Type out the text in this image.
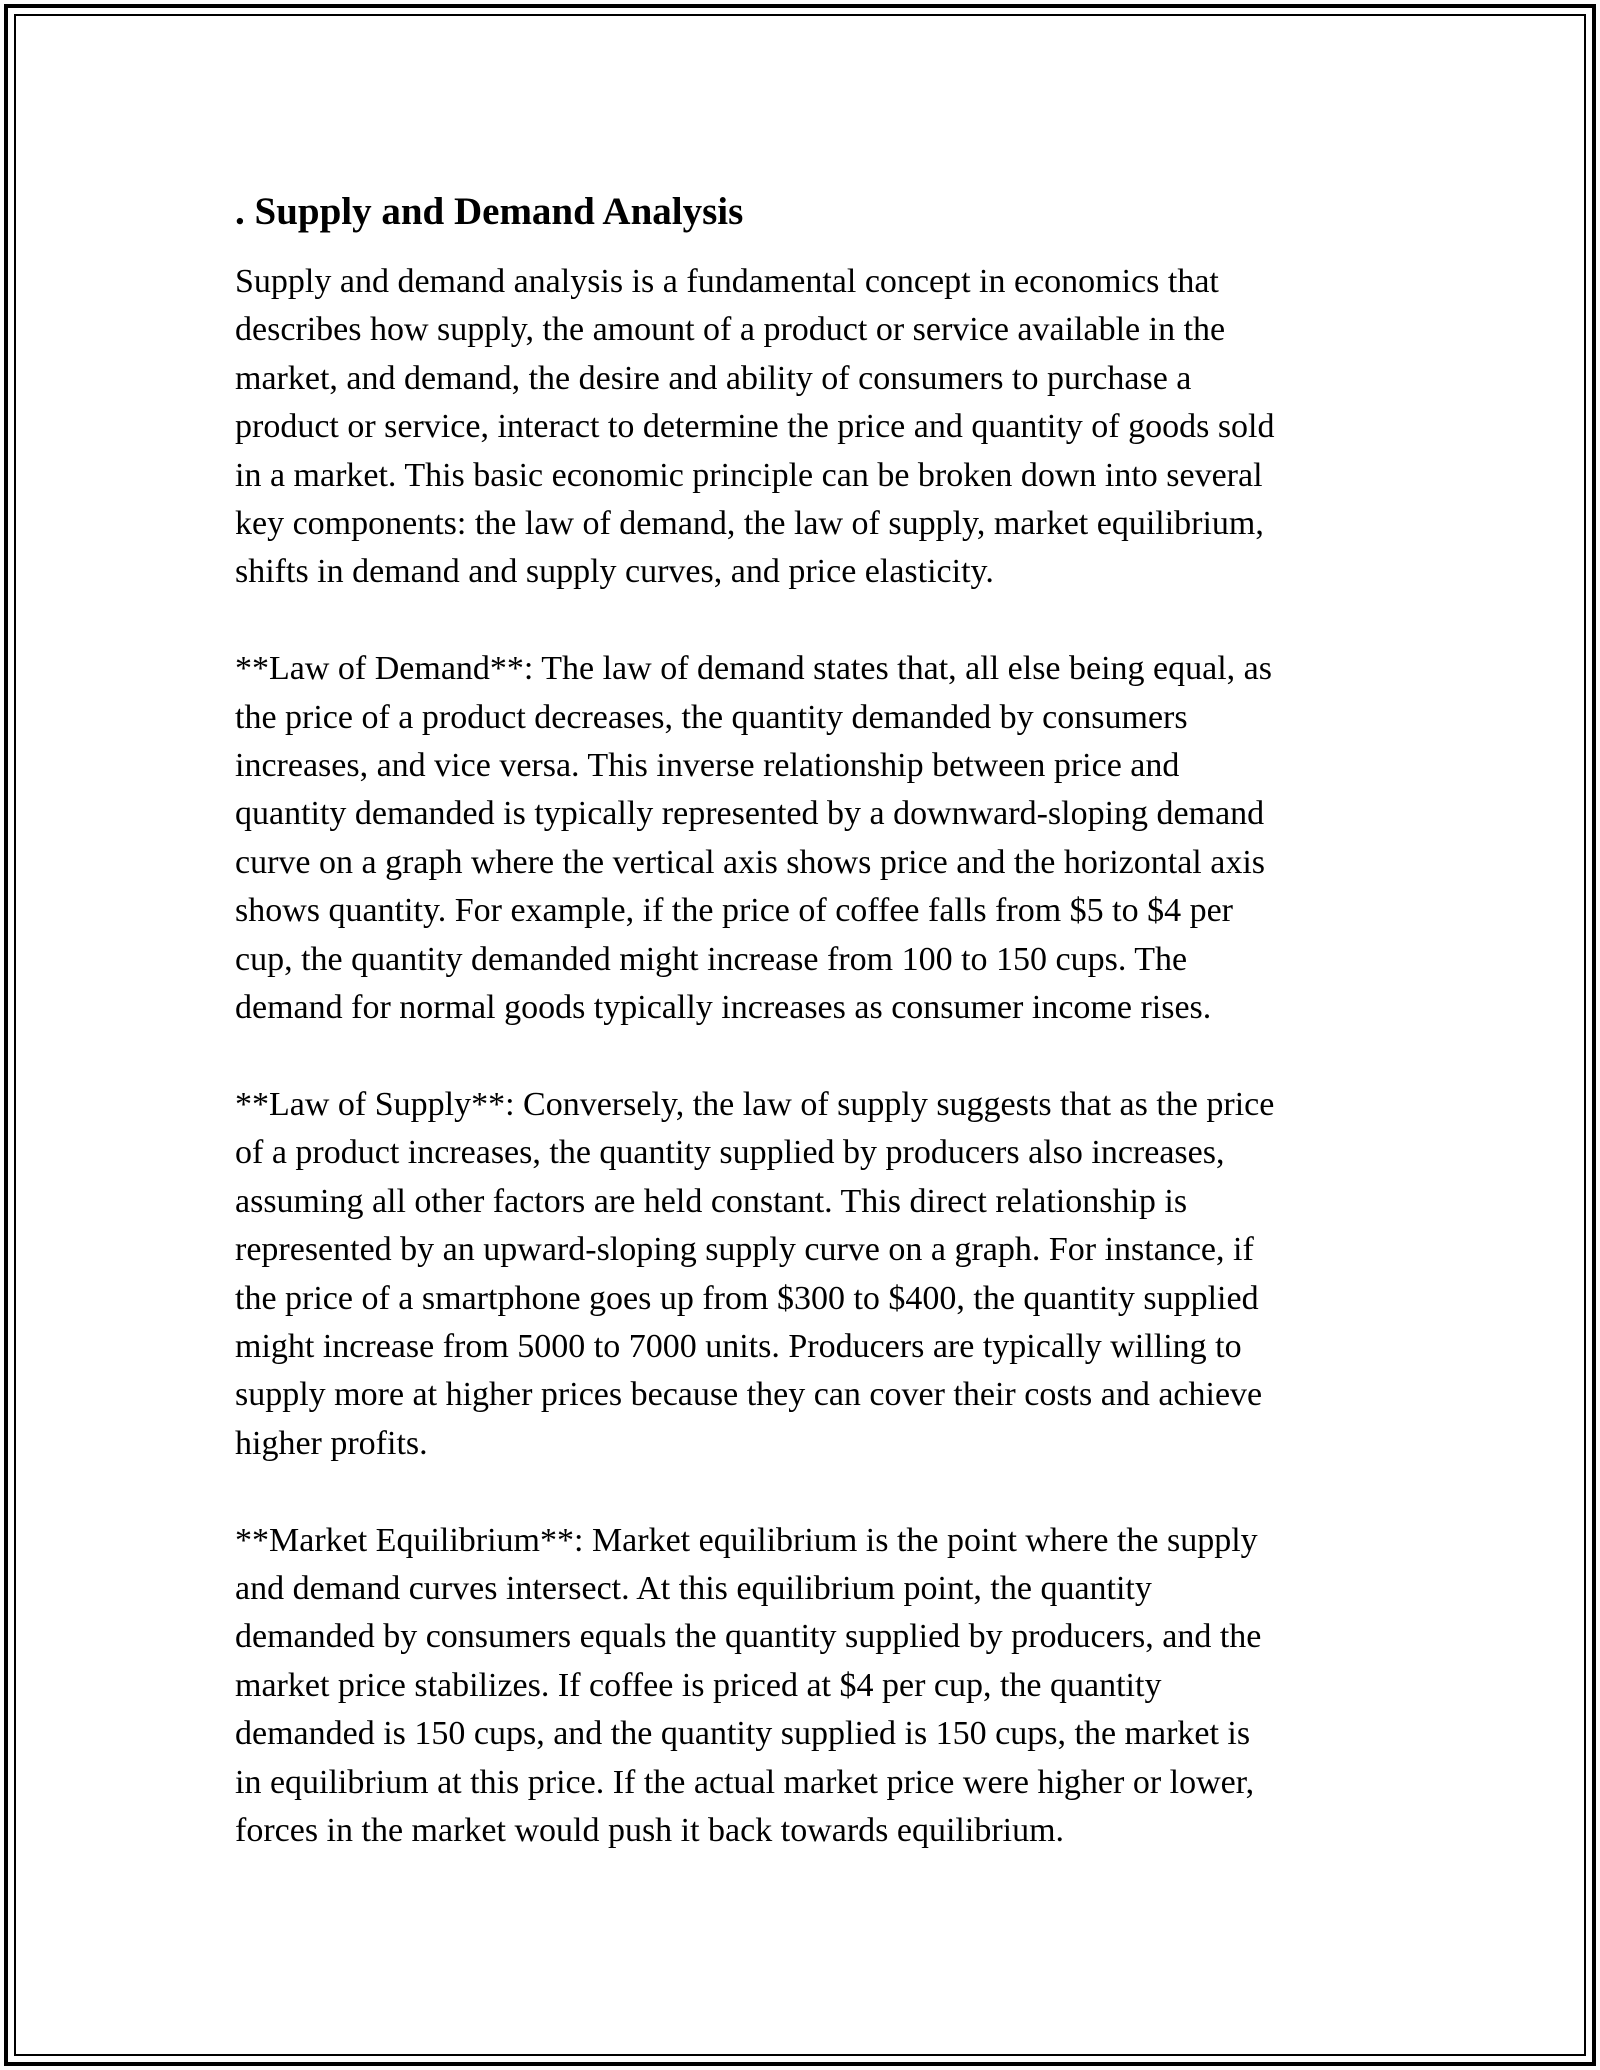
. Supply and Demand Analysis

Supply and demand analysis is a fundamental concept in economics that
describes how supply, the amount of a product or service available in the
market, and demand, the desire and ability of consumers to purchase a
product or service, interact to determine the price and quantity of goods sold
in a market. This basic economic principle can be broken down into several
key components: the law of demand, the law of supply, market equilibrium,
shifts in demand and supply curves, and price elasticity.

**Law of Demand**: The law of demand states that, all else being equal, as
the price of a product decreases, the quantity demanded by consumers
increases, and vice versa. This inverse relationship between price and
quantity demanded is typically represented by a downward-sloping demand
curve on a graph where the vertical axis shows price and the horizontal axis
shows quantity. For example, if the price of coffee falls from $5 to $4 per
cup, the quantity demanded might increase from 100 to 150 cups. The
demand for normal goods typically increases as consumer income rises.

**Law of Supply**: Conversely, the law of supply suggests that as the price
of a product increases, the quantity supplied by producers also increases,
assuming all other factors are held constant. This direct relationship is
represented by an upward-sloping supply curve on a graph. For instance, if
the price of a smartphone goes up from $300 to $400, the quantity supplied
might increase from 5000 to 7000 units. Producers are typically willing to
supply more at higher prices because they can cover their costs and achieve
higher profits.

**Market Equilibrium**: Market equilibrium is the point where the supply
and demand curves intersect. At this equilibrium point, the quantity
demanded by consumers equals the quantity supplied by producers, and the
market price stabilizes. If coffee is priced at $4 per cup, the quantity
demanded is 150 cups, and the quantity supplied is 150 cups, the market is
in equilibrium at this price. If the actual market price were higher or lower,
forces in the market would push it back towards equilibrium.
